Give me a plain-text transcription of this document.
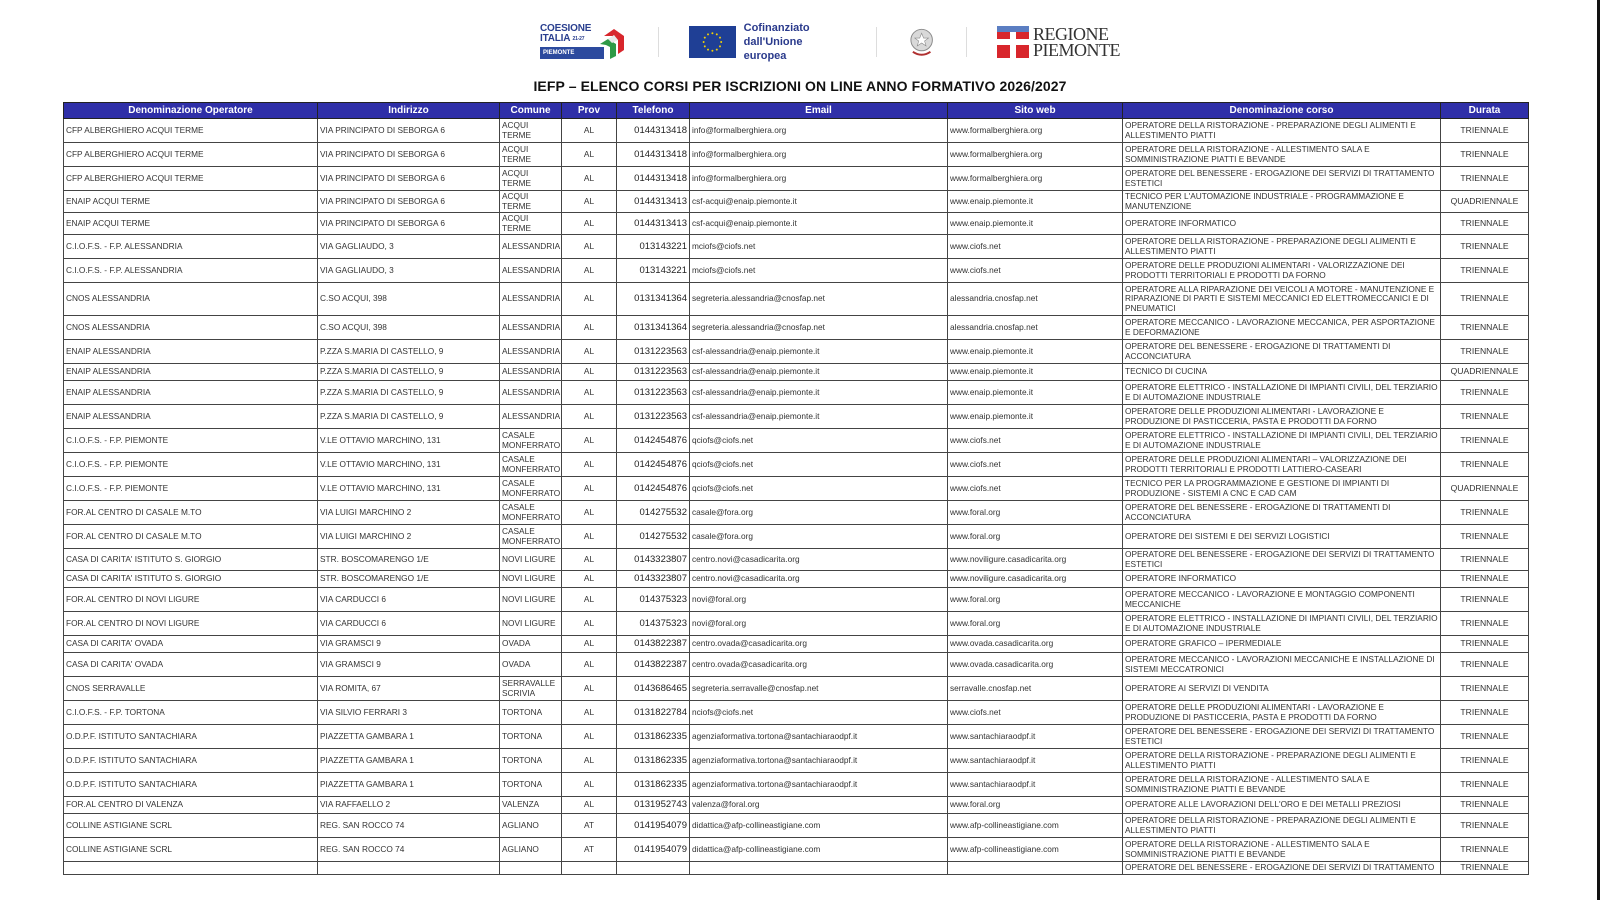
COESIONE
ITALIA $^{21-27}$
PIEMONTE
Cofinanziato
dall'Unione europea
REGIONE
PIEMONTE
IEFP – ELENCO CORSI PER ISCRIZIONI ON LINE ANNO FORMATIVO 2026/2027
Denominazione Operatore	Indirizzo	Comune	Prov	Telefono	Email	Sito web	Denominazione corso	Durata
CFP ALBERGHIERO ACQUI TERME	VIA PRINCIPATO DI SEBORGA 6	ACQUI TERME	AL	0144313418	info@formalberghiera.org	www.formalberghiera.org	OPERATORE DELLA RISTORAZIONE - PREPARAZIONE DEGLI ALIMENTI E ALLESTIMENTO PIATTI	TRIENNALE
CFP ALBERGHIERO ACQUI TERME	VIA PRINCIPATO DI SEBORGA 6	ACQUI TERME	AL	0144313418	info@formalberghiera.org	www.formalberghiera.org	OPERATORE DELLA RISTORAZIONE - ALLESTIMENTO SALA E SOMMINISTRAZIONE PIATTI E BEVANDE	TRIENNALE
CFP ALBERGHIERO ACQUI TERME	VIA PRINCIPATO DI SEBORGA 6	ACQUI TERME	AL	0144313418	info@formalberghiera.org	www.formalberghiera.org	OPERATORE DEL BENESSERE - EROGAZIONE DEI SERVIZI DI TRATTAMENTO ESTETICI	TRIENNALE
ENAIP ACQUI TERME	VIA PRINCIPATO DI SEBORGA 6	ACQUI TERME	AL	0144313413	csf-acqui@enaip.piemonte.it	www.enaip.piemonte.it	TECNICO PER L'AUTOMAZIONE INDUSTRIALE - PROGRAMMAZIONE E MANUTENZIONE	QUADRIENNALE
ENAIP ACQUI TERME	VIA PRINCIPATO DI SEBORGA 6	ACQUI TERME	AL	0144313413	csf-acqui@enaip.piemonte.it	www.enaip.piemonte.it	OPERATORE INFORMATICO	TRIENNALE
C.I.O.F.S. - F.P. ALESSANDRIA	VIA GAGLIAUDO, 3	ALESSANDRIA	AL	013143221	mciofs@ciofs.net	www.ciofs.net	OPERATORE DELLA RISTORAZIONE - PREPARAZIONE DEGLI ALIMENTI E ALLESTIMENTO PIATTI	TRIENNALE
C.I.O.F.S. - F.P. ALESSANDRIA	VIA GAGLIAUDO, 3	ALESSANDRIA	AL	013143221	mciofs@ciofs.net	www.ciofs.net	OPERATORE DELLE PRODUZIONI ALIMENTARI - VALORIZZAZIONE DEI PRODOTTI TERRITORIALI E PRODOTTI DA FORNO	TRIENNALE
CNOS ALESSANDRIA	C.SO ACQUI, 398	ALESSANDRIA	AL	0131341364	segreteria.alessandria@cnosfap.net	alessandria.cnosfap.net	OPERATORE ALLA RIPARAZIONE DEI VEICOLI A MOTORE - MANUTENZIONE E RIPARAZIONE DI PARTI E SISTEMI MECCANICI ED ELETTROMECCANICI E DI PNEUMATICI	TRIENNALE
CNOS ALESSANDRIA	C.SO ACQUI, 398	ALESSANDRIA	AL	0131341364	segreteria.alessandria@cnosfap.net	alessandria.cnosfap.net	OPERATORE MECCANICO - LAVORAZIONE MECCANICA, PER ASPORTAZIONE E DEFORMAZIONE	TRIENNALE
ENAIP ALESSANDRIA	P.ZZA S.MARIA DI CASTELLO, 9	ALESSANDRIA	AL	0131223563	csf-alessandria@enaip.piemonte.it	www.enaip.piemonte.it	OPERATORE DEL BENESSERE - EROGAZIONE DI TRATTAMENTI DI ACCONCIATURA	TRIENNALE
ENAIP ALESSANDRIA	P.ZZA S.MARIA DI CASTELLO, 9	ALESSANDRIA	AL	0131223563	csf-alessandria@enaip.piemonte.it	www.enaip.piemonte.it	TECNICO DI CUCINA	QUADRIENNALE
ENAIP ALESSANDRIA	P.ZZA S.MARIA DI CASTELLO, 9	ALESSANDRIA	AL	0131223563	csf-alessandria@enaip.piemonte.it	www.enaip.piemonte.it	OPERATORE ELETTRICO - INSTALLAZIONE DI IMPIANTI CIVILI, DEL TERZIARIO E DI AUTOMAZIONE INDUSTRIALE	TRIENNALE
ENAIP ALESSANDRIA	P.ZZA S.MARIA DI CASTELLO, 9	ALESSANDRIA	AL	0131223563	csf-alessandria@enaip.piemonte.it	www.enaip.piemonte.it	OPERATORE DELLE PRODUZIONI ALIMENTARI - LAVORAZIONE E PRODUZIONE DI PASTICCERIA, PASTA E PRODOTTI DA FORNO	TRIENNALE
C.I.O.F.S. - F.P. PIEMONTE	V.LE OTTAVIO MARCHINO, 131	CASALE MONFERRATO	AL	0142454876	qciofs@ciofs.net	www.ciofs.net	OPERATORE ELETTRICO - INSTALLAZIONE DI IMPIANTI CIVILI, DEL TERZIARIO E DI AUTOMAZIONE INDUSTRIALE	TRIENNALE
C.I.O.F.S. - F.P. PIEMONTE	V.LE OTTAVIO MARCHINO, 131	CASALE MONFERRATO	AL	0142454876	qciofs@ciofs.net	www.ciofs.net	OPERATORE DELLE PRODUZIONI ALIMENTARI – VALORIZZAZIONE DEI PRODOTTI TERRITORIALI E PRODOTTI LATTIERO-CASEARI	TRIENNALE
C.I.O.F.S. - F.P. PIEMONTE	V.LE OTTAVIO MARCHINO, 131	CASALE MONFERRATO	AL	0142454876	qciofs@ciofs.net	www.ciofs.net	TECNICO PER LA PROGRAMMAZIONE E GESTIONE DI IMPIANTI DI PRODUZIONE - SISTEMI A CNC E CAD CAM	QUADRIENNALE
FOR.AL CENTRO DI CASALE M.TO	VIA LUIGI MARCHINO 2	CASALE MONFERRATO	AL	014275532	casale@fora.org	www.foral.org	OPERATORE DEL BENESSERE - EROGAZIONE DI TRATTAMENTI DI ACCONCIATURA	TRIENNALE
FOR.AL CENTRO DI CASALE M.TO	VIA LUIGI MARCHINO 2	CASALE MONFERRATO	AL	014275532	casale@fora.org	www.foral.org	OPERATORE DEI SISTEMI E DEI SERVIZI LOGISTICI	TRIENNALE
CASA DI CARITA' ISTITUTO S. GIORGIO	STR. BOSCOMARENGO 1/E	NOVI LIGURE	AL	0143323807	centro.novi@casadicarita.org	www.noviligure.casadicarita.org	OPERATORE DEL BENESSERE - EROGAZIONE DEI SERVIZI DI TRATTAMENTO ESTETICI	TRIENNALE
CASA DI CARITA' ISTITUTO S. GIORGIO	STR. BOSCOMARENGO 1/E	NOVI LIGURE	AL	0143323807	centro.novi@casadicarita.org	www.noviligure.casadicarita.org	OPERATORE INFORMATICO	TRIENNALE
FOR.AL CENTRO DI NOVI LIGURE	VIA CARDUCCI 6	NOVI LIGURE	AL	014375323	novi@foral.org	www.foral.org	OPERATORE MECCANICO - LAVORAZIONE E MONTAGGIO COMPONENTI MECCANICHE	TRIENNALE
FOR.AL CENTRO DI NOVI LIGURE	VIA CARDUCCI 6	NOVI LIGURE	AL	014375323	novi@foral.org	www.foral.org	OPERATORE ELETTRICO - INSTALLAZIONE DI IMPIANTI CIVILI, DEL TERZIARIO E DI AUTOMAZIONE INDUSTRIALE	TRIENNALE
CASA DI CARITA' OVADA	VIA GRAMSCI 9	OVADA	AL	0143822387	centro.ovada@casadicarita.org	www.ovada.casadicarita.org	OPERATORE GRAFICO – IPERMEDIALE	TRIENNALE
CASA DI CARITA' OVADA	VIA GRAMSCI 9	OVADA	AL	0143822387	centro.ovada@casadicarita.org	www.ovada.casadicarita.org	OPERATORE MECCANICO - LAVORAZIONI MECCANICHE E INSTALLAZIONE DI SISTEMI MECCATRONICI	TRIENNALE
CNOS SERRAVALLE	VIA ROMITA, 67	SERRAVALLE SCRIVIA	AL	0143686465	segreteria.serravalle@cnosfap.net	serravalle.cnosfap.net	OPERATORE AI SERVIZI DI VENDITA	TRIENNALE
C.I.O.F.S. - F.P. TORTONA	VIA SILVIO FERRARI 3	TORTONA	AL	0131822784	nciofs@ciofs.net	www.ciofs.net	OPERATORE DELLE PRODUZIONI ALIMENTARI - LAVORAZIONE E PRODUZIONE DI PASTICCERIA, PASTA E PRODOTTI DA FORNO	TRIENNALE
O.D.P.F. ISTITUTO SANTACHIARA	PIAZZETTA GAMBARA 1	TORTONA	AL	0131862335	agenziaformativa.tortona@santachiaraodpf.it	www.santachiaraodpf.it	OPERATORE DEL BENESSERE - EROGAZIONE DEI SERVIZI DI TRATTAMENTO ESTETICI	TRIENNALE
O.D.P.F. ISTITUTO SANTACHIARA	PIAZZETTA GAMBARA 1	TORTONA	AL	0131862335	agenziaformativa.tortona@santachiaraodpf.it	www.santachiaraodpf.it	OPERATORE DELLA RISTORAZIONE - PREPARAZIONE DEGLI ALIMENTI E ALLESTIMENTO PIATTI	TRIENNALE
O.D.P.F. ISTITUTO SANTACHIARA	PIAZZETTA GAMBARA 1	TORTONA	AL	0131862335	agenziaformativa.tortona@santachiaraodpf.it	www.santachiaraodpf.it	OPERATORE DELLA RISTORAZIONE - ALLESTIMENTO SALA E SOMMINISTRAZIONE PIATTI E BEVANDE	TRIENNALE
FOR.AL CENTRO DI VALENZA	VIA RAFFAELLO 2	VALENZA	AL	0131952743	valenza@foral.org	www.foral.org	OPERATORE ALLE LAVORAZIONI DELL'ORO E DEI METALLI PREZIOSI	TRIENNALE
COLLINE ASTIGIANE SCRL	REG. SAN ROCCO 74	AGLIANO	AT	0141954079	didattica@afp-collineastigiane.com	www.afp-collineastigiane.com	OPERATORE DELLA RISTORAZIONE - PREPARAZIONE DEGLI ALIMENTI E ALLESTIMENTO PIATTI	TRIENNALE
COLLINE ASTIGIANE SCRL	REG. SAN ROCCO 74	AGLIANO	AT	0141954079	didattica@afp-collineastigiane.com	www.afp-collineastigiane.com	OPERATORE DELLA RISTORAZIONE - ALLESTIMENTO SALA E SOMMINISTRAZIONE PIATTI E BEVANDE	TRIENNALE
							OPERATORE DEL BENESSERE - EROGAZIONE DEI SERVIZI DI TRATTAMENTO	TRIENNALE
